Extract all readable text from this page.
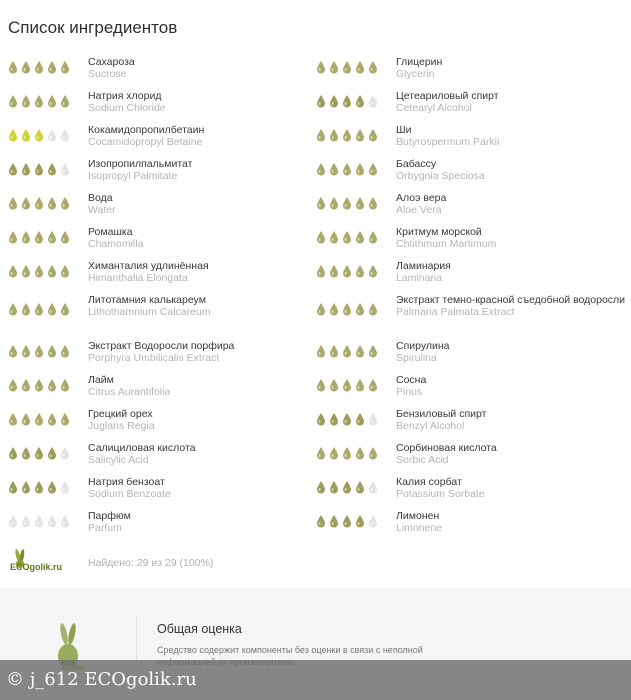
Список ингредиентов
Сахароза
Sucrose
Натрия хлорид
Sodium Chloride
Кокамидопропилбетаин
Cocamidopropyl Betaine
Изопропилпальмитат
Isopropyl Palmitate
Вода
Water
Ромашка
Chamomilla
Химанталия удлинённая
Himanthalia Elongata
Литотамния калькареум
Lithothamnium Calcareum
Экстракт Водоросли порфира
Porphyra Umbilicalis Extract
Лайм
Citrus Aurantifolia
Грецкий орех
Juglans Regia
Салициловая кислота
Salicylic Acid
Натрия бензоат
Sodium Benzoate
Парфюм
Parfum
Глицерин
Glycerin
Цетеариловый спирт
Cetearyl Alcohol
Ши
Butyrospermum Parkii
Бабассу
Orbygnia Speciosa
Алоэ вера
Aloe Vera
Критмум морской
Chtithmum Martimum
Ламинария
Laminaria
Экстракт темно-красной съедобной водоросли
Palmaria Palmata Extract
Спирулина
Spirulina
Сосна
Pinus
Бензиловый спирт
Benzyl Alcohol
Сорбиновая кислота
Sorbic Acid
Калия сорбат
Potassium Sorbate
Лимонен
Limonene
ECOgolik.ru Найдено: 29 из 29 (100%)
Общая оценка
Средство содержит компоненты без оценки в связи с неполной
© j_612 ECOgolik.ru
